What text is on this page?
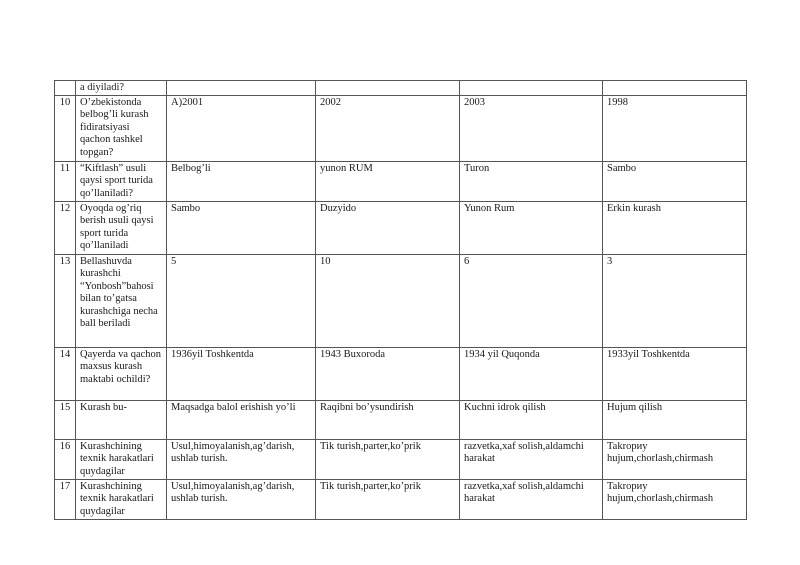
	a diyiladi?				
10	O’zbekistonda belbog’li kurash fidiratsiyasi qachon tashkel topgan?	A)2001	2002	2003	1998
11	“Kiftlash” usuli qaysi sport turida qo’llaniladi?	Belbog’li	yunon RUM	Turon	Sambo
12	Oyoqda og’riq berish usuli qaysi sport turida qo’llaniladi	Sambo	Duzyido	Yunon Rum	Erkin kurash
13	Bellashuvda kurashchi “Yonbosh”bahosi bilan to’gatsa kurashchiga necha ball beriladi	5	10	6	3
14	Qayerda va qachon maxsus kurash maktabi ochildi?	1936yil Toshkentda	1943 Buxoroda	1934 yil Quqonda	1933yil Toshkentda
15	Kurash bu-	Maqsadga balol erishish yo’li	Raqibni bo’ysundirish	Kuchni idrok qilish	Hujum qilish
16	Kurashchining texnik harakatlari quydagilar	Usul,himoyalanish,ag’darish, ushlab turish.	Tik turish,parter,ko’prik	razvetka,xaf solish,aldamchi harakat	Takrориy hujum,chorlash,chirmash
17	Kurashchining texnik harakatlari quydagilar	Usul,himoyalanish,ag’darish, ushlab turish.	Tik turish,parter,ko’prik	razvetka,xaf solish,aldamchi harakat	Takrориy hujum,chorlash,chirmash
